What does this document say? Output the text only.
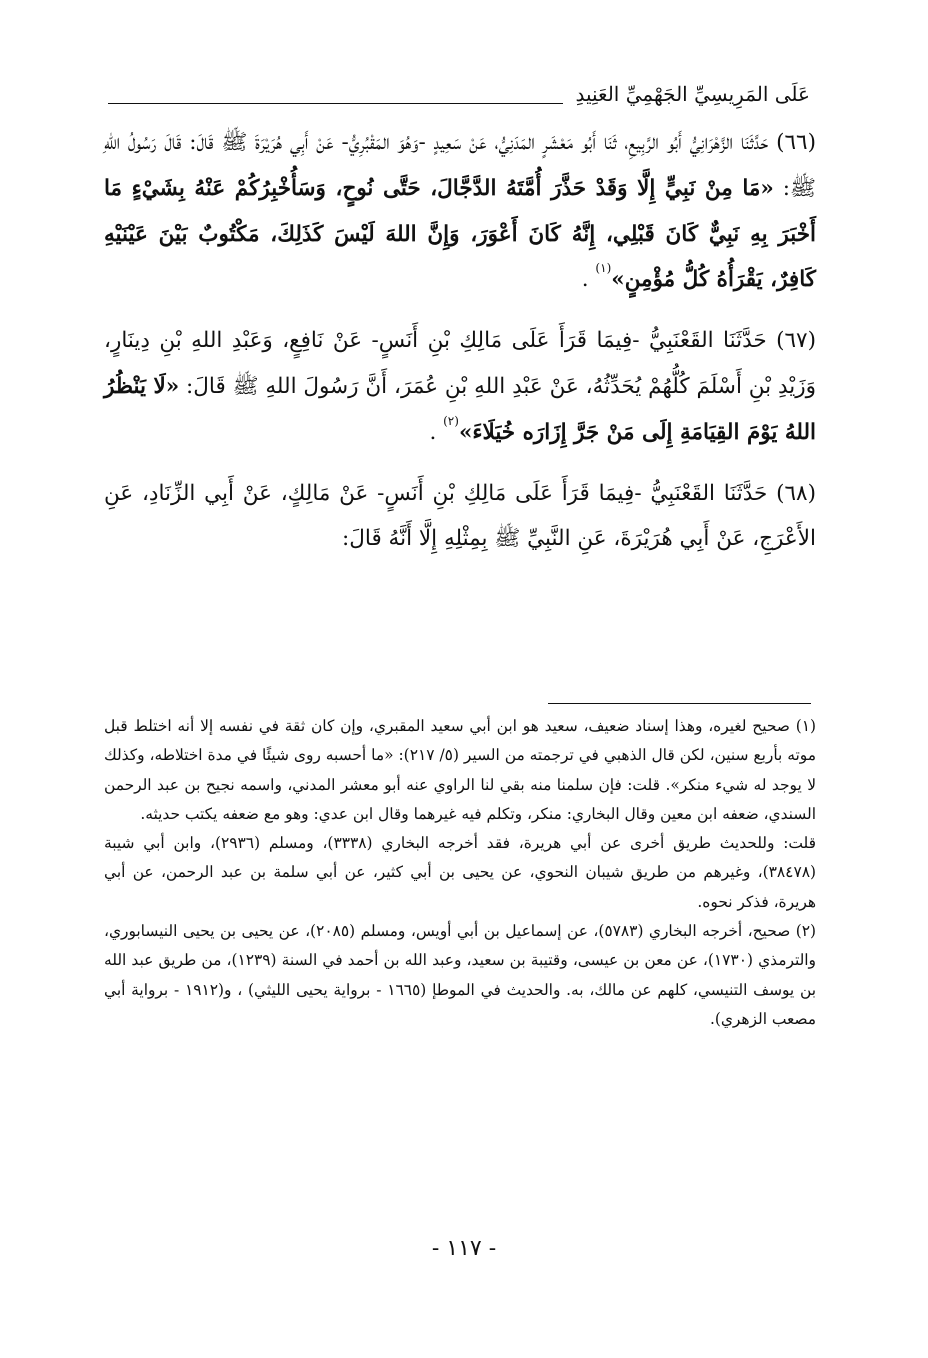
عَلَى المَرِيسِيِّ الجَهْمِيِّ العَنِيدِ

(٦٦) حَدَّثَنَا الزَّهْرَانِيُّ أَبُو الرَّبِيعِ، ثَنَا أَبُو مَعْشَرٍ المَدَنِيُّ، عَنْ سَعِيدٍ -وَهُوَ المَقْبُرِيُّ- عَنْ أَبِي هُرَيْرَةَ ﷺ قَالَ: قَالَ رَسُولُ اللهِ ﷺ: «مَا مِنْ نَبِيٍّ إِلَّا وَقَدْ حَذَّرَ أُمَّتَهُ الدَّجَّالَ، حَتَّى نُوحٍ، وَسَأُخْبِرُكُمْ عَنْهُ بِشَيْءٍ مَا أَخْبَرَ بِهِ نَبِيٌّ كَانَ قَبْلِي، إِنَّهُ كَانَ أَعْوَرَ، وَإِنَّ اللهَ لَيْسَ كَذَلِكَ، مَكْتُوبٌ بَيْنَ عَيْنَيْهِ كَافِرٌ، يَقْرَأُهُ كُلُّ مُؤْمِنٍ»$^{(١)}$ .

(٦٧) حَدَّثَنَا القَعْنَبِيُّ -فِيمَا قَرَأَ عَلَى مَالِكِ بْنِ أَنَسٍ- عَنْ نَافِعٍ، وَعَبْدِ اللهِ بْنِ دِينَارٍ، وَزَيْدِ بْنِ أَسْلَمَ كُلُّهُمْ يُحَدِّثُهُ، عَنْ عَبْدِ اللهِ بْنِ عُمَرَ، أَنَّ رَسُولَ اللهِ ﷺ قَالَ: «لَا يَنْظُرُ اللهُ يَوْمَ القِيَامَةِ إِلَى مَنْ جَرَّ إِزَارَه خُيَلَاءَ»$^{(٢)}$ .

(٦٨) حَدَّثَنَا القَعْنَبِيُّ -فِيمَا قَرَأَ عَلَى مَالِكِ بْنِ أَنَسٍ- عَنْ مَالِكٍ، عَنْ أَبِي الزِّنَادِ، عَنِ الأَعْرَجِ، عَنْ أَبِي هُرَيْرَةَ، عَنِ النَّبِيِّ ﷺ بِمِثْلِهِ إِلَّا أَنَّهُ قَالَ:

(١) صحيح لغيره، وهذا إسناد ضعيف، سعيد هو ابن أبي سعيد المقبري، وإن كان ثقة في نفسه إلا أنه اختلط قبل موته بأربع سنين، لكن قال الذهبي في ترجمته من السير (٥/ ٢١٧): «ما أحسبه روى شيئًا في مدة اختلاطه، وكذلك لا يوجد له شيء منكر». قلت: فإن سلمنا منه بقي لنا الراوي عنه أبو معشر المدني، واسمه نجيح بن عبد الرحمن السندي، ضعفه ابن معين وقال البخاري: منكر، وتكلم فيه غيرهما وقال ابن عدي: وهو مع ضعفه يكتب حديثه.

قلت: وللحديث طريق أخرى عن أبي هريرة، فقد أخرجه البخاري (٣٣٣٨)، ومسلم (٢٩٣٦)، وابن أبي شيبة (٣٨٤٧٨)، وغيرهم من طريق شيبان النحوي، عن يحيى بن أبي كثير، عن أبي سلمة بن عبد الرحمن، عن أبي هريرة، فذكر نحوه.

(٢) صحيح، أخرجه البخاري (٥٧٨٣)، عن إسماعيل بن أبي أويس، ومسلم (٢٠٨٥)، عن يحيى بن يحيى النيسابوري، والترمذي (١٧٣٠)، عن معن بن عيسى، وقتيبة بن سعيد، وعبد الله بن أحمد في السنة (١٢٣٩)، من طريق عبد الله بن يوسف التنيسي، كلهم عن مالك، به. والحديث في الموطإ (١٦٦٥ - برواية يحيى الليثي) ، و(١٩١٢ - برواية أبي مصعب الزهري).

- ١١٧ -
